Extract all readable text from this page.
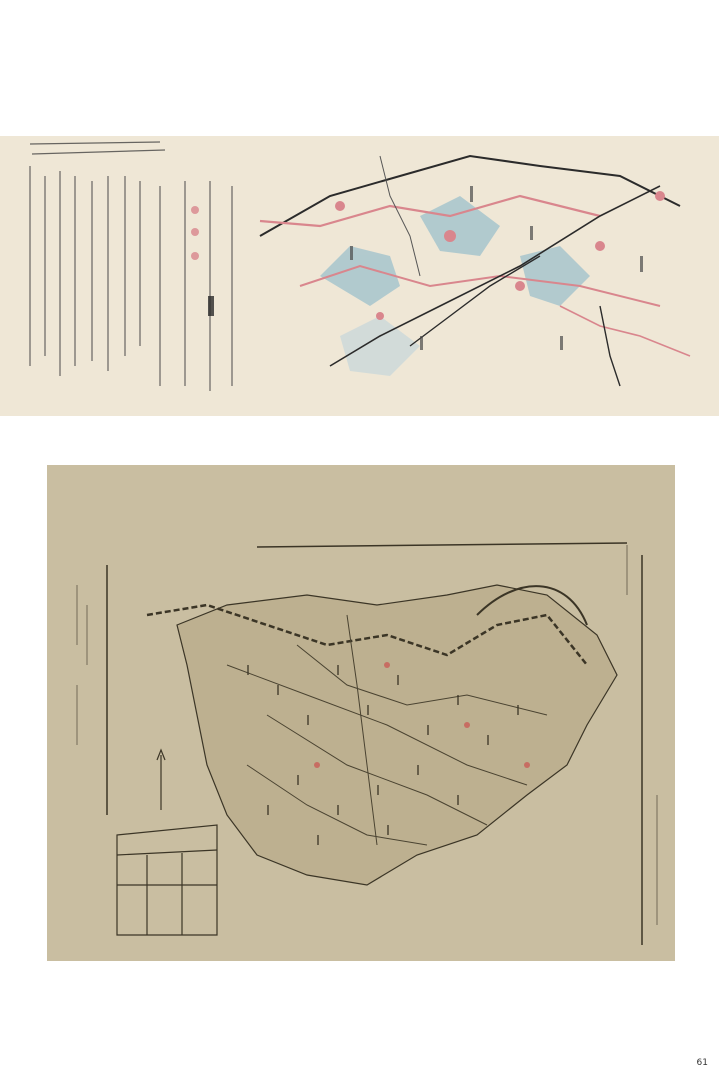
61
